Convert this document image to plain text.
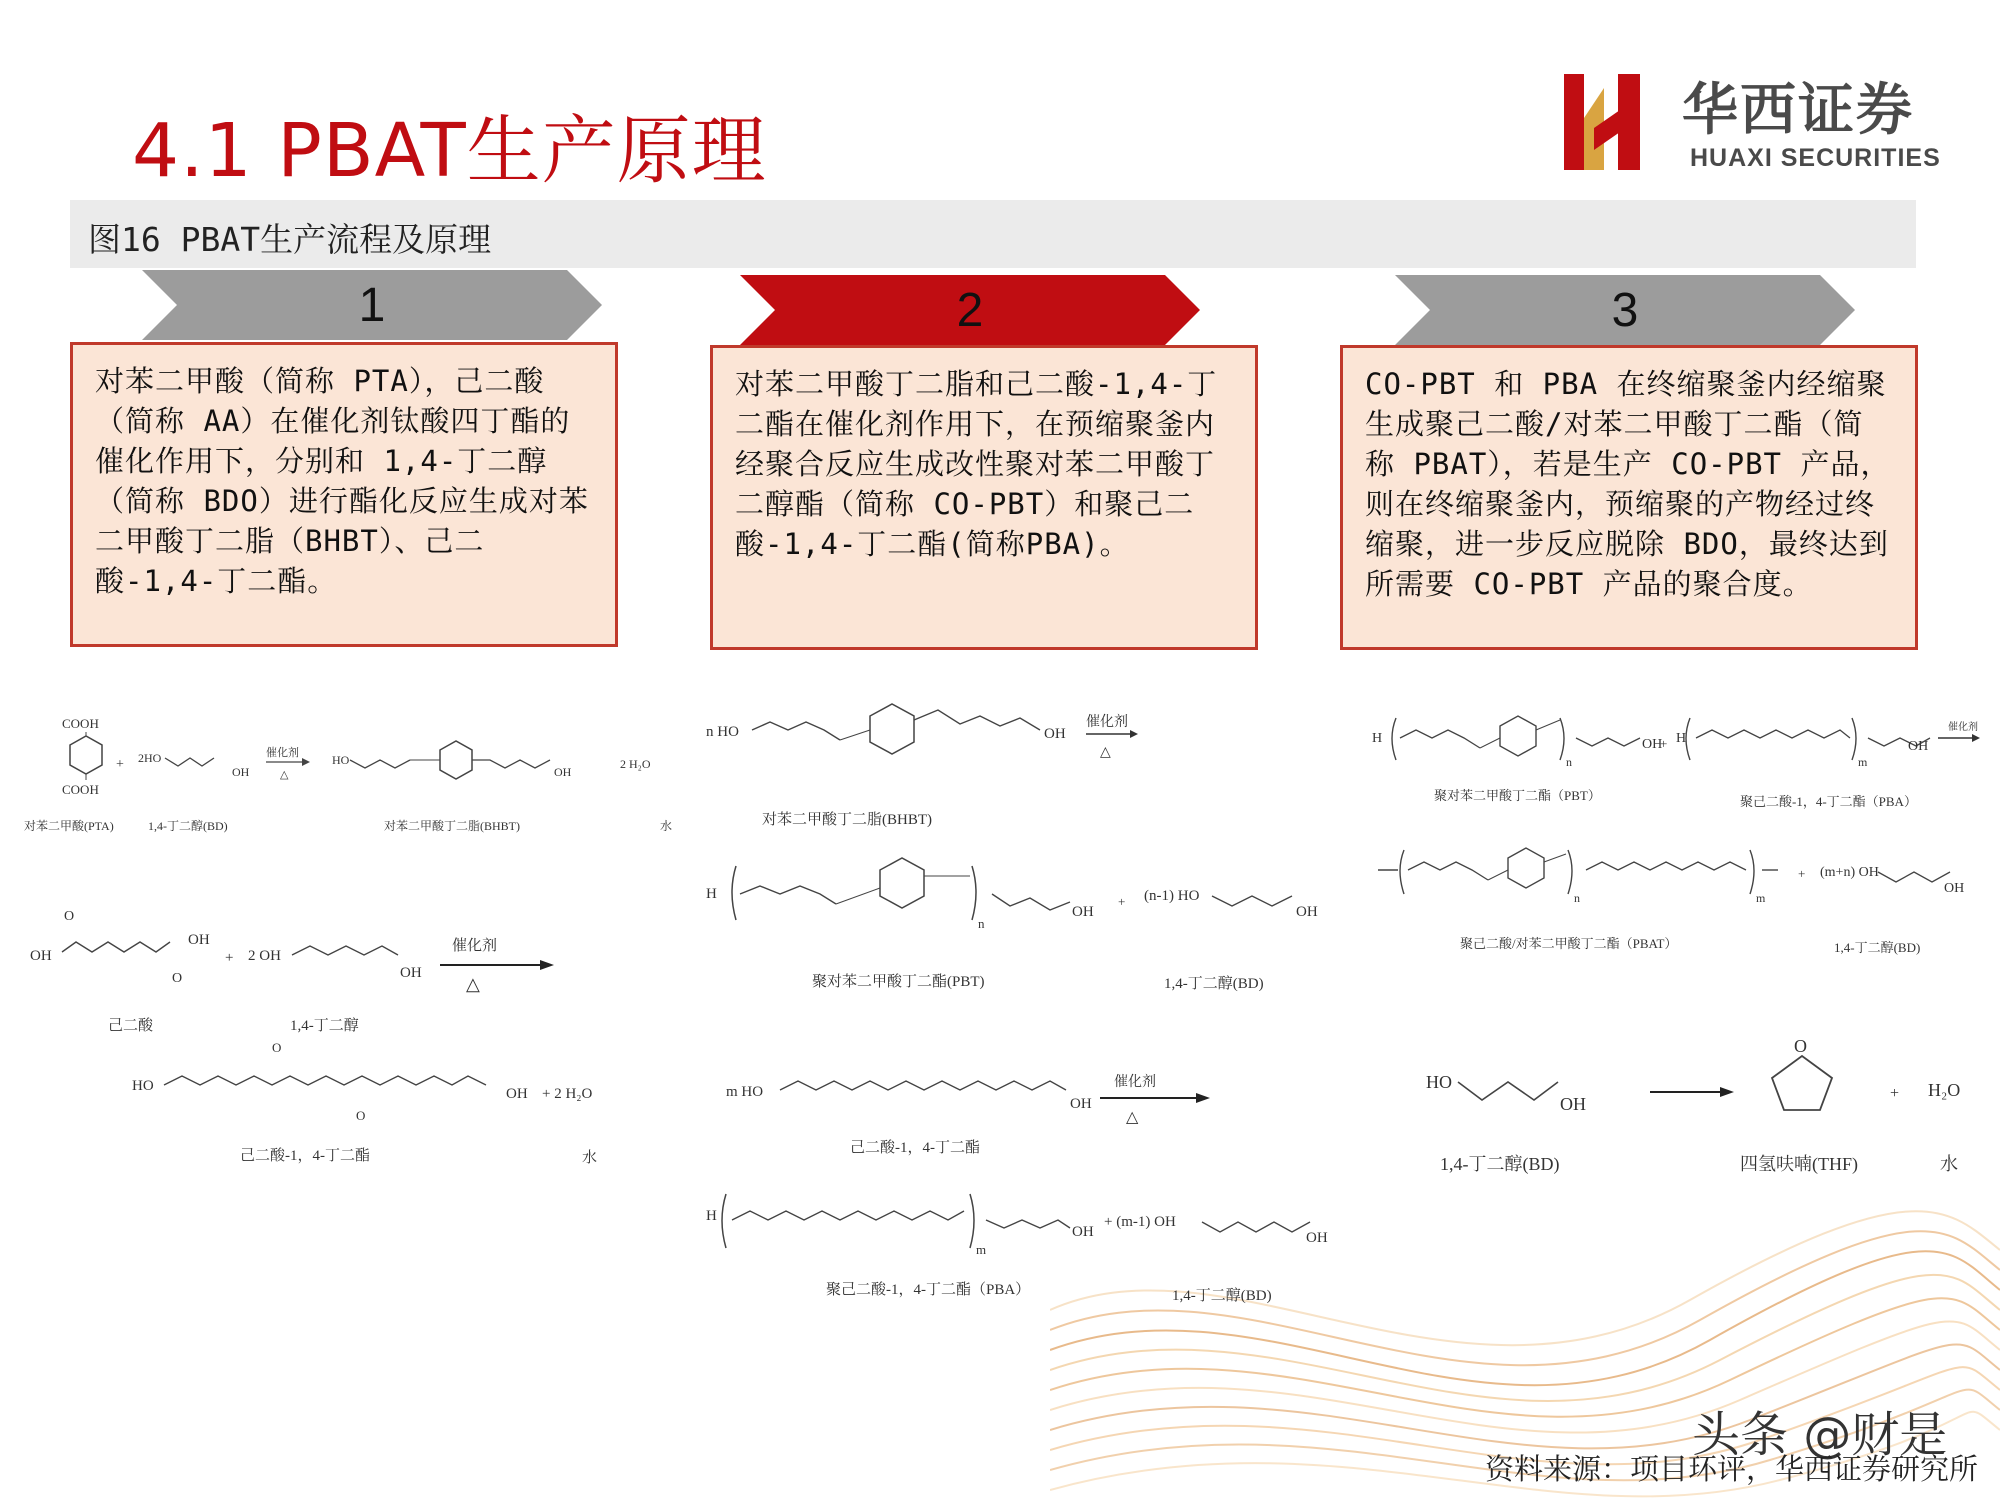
4.1 PBAT生产原理	华西证券
HUAXI SECURITIES
图16 PBAT生产流程及原理
1	2	3
对苯二甲酸（简称 PTA），己二酸（简称 AA）在催化剂钛酸四丁酯的催化作用下，分别和 1,4-丁二醇（简称 BDO）进行酯化反应生成对苯二甲酸丁二脂（BHBT）、己二酸-1,4-丁二酯。
对苯二甲酸丁二脂和己二酸-1,4-丁二酯在催化剂作用下，在预缩聚釜内经聚合反应生成改性聚对苯二甲酸丁二醇酯（简称 CO-PBT）和聚己二酸-1,4-丁二酯(简称PBA)。
CO-PBT 和 PBA 在终缩聚釜内经缩聚生成聚己二酸/对苯二甲酸丁二酯（简称 PBAT），若是生产 CO-PBT 产品，则在终缩聚釜内，预缩聚的产物经过终缩聚，进一步反应脱除 BDO，最终达到所需要 CO-PBT 产品的聚合度。
COOH
COOH
对苯二甲酸(PTA)
+ 2HO
OH
1,4-丁二醇(BD)
催化剂
△
HO
OH
对苯二甲酸丁二脂(BHBT)
2 H₂O
水
OH
O
OH
O
+ 2 OH
OH
己二酸	1,4-丁二醇
催化剂
△
HO
O
O
OH + 2 H₂O
己二酸-1，4-丁二酯	水
n HO	OH
催化剂
△
对苯二甲酸丁二脂(BHBT)
H
n
OH
+ (n-1) HO
OH
聚对苯二甲酸丁二酯(PBT)	1,4-丁二醇(BD)
m HO
OH
催化剂
△
己二酸-1，4-丁二酯
H
m
OH
+ (m-1) OH
OH
聚己二酸-1，4-丁二酯（PBA）	1,4-丁二醇(BD)
H
n
OH
+ H
m
OH
催化剂
聚对苯二甲酸丁二酯（PBT）	聚己二酸-1，4-丁二酯（PBA）
n	m
+ (m+n) OH
OH
聚己二酸/对苯二甲酸丁二酯（PBAT）	1,4-丁二醇(BD)
HO
OH
O
+ H₂O
1,4-丁二醇(BD)	四氢呋喃(THF)	水
头条 @财是
资料来源：项目环评，华西证券研究所
